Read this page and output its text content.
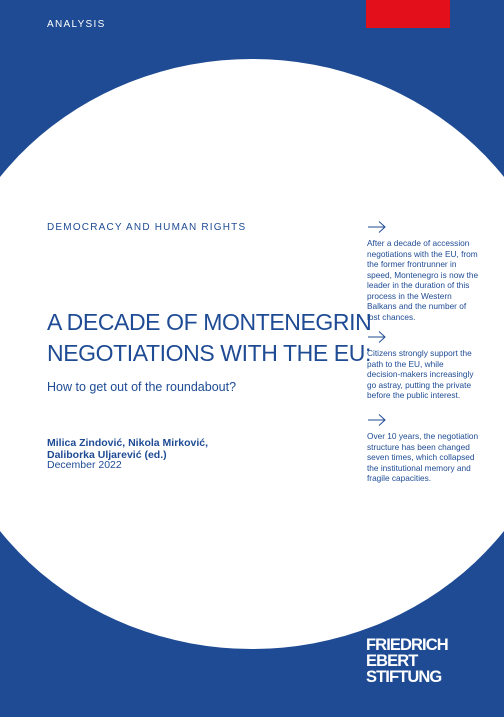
ANALYSIS
DEMOCRACY AND HUMAN RIGHTS
A DECADE OF MONTENEGRIN
NEGOTIATIONS WITH THE EU:
How to get out of the roundabout?
Milica Zindović, Nikola Mirković,
Daliborka Uljarević (ed.)
December 2022
After a decade of accession negotiations with the EU, from the former frontrunner in speed, Montenegro is now the leader in the duration of this process in the Western Balkans and the number of lost chances.
Citizens strongly support the path to the EU, while decision-makers increasingly go astray, putting the private before the public interest.
Over 10 years, the negotiation structure has been changed seven times, which collapsed the institutional memory and fragile capacities.
FRIEDRICH
EBERT
STIFTUNG
